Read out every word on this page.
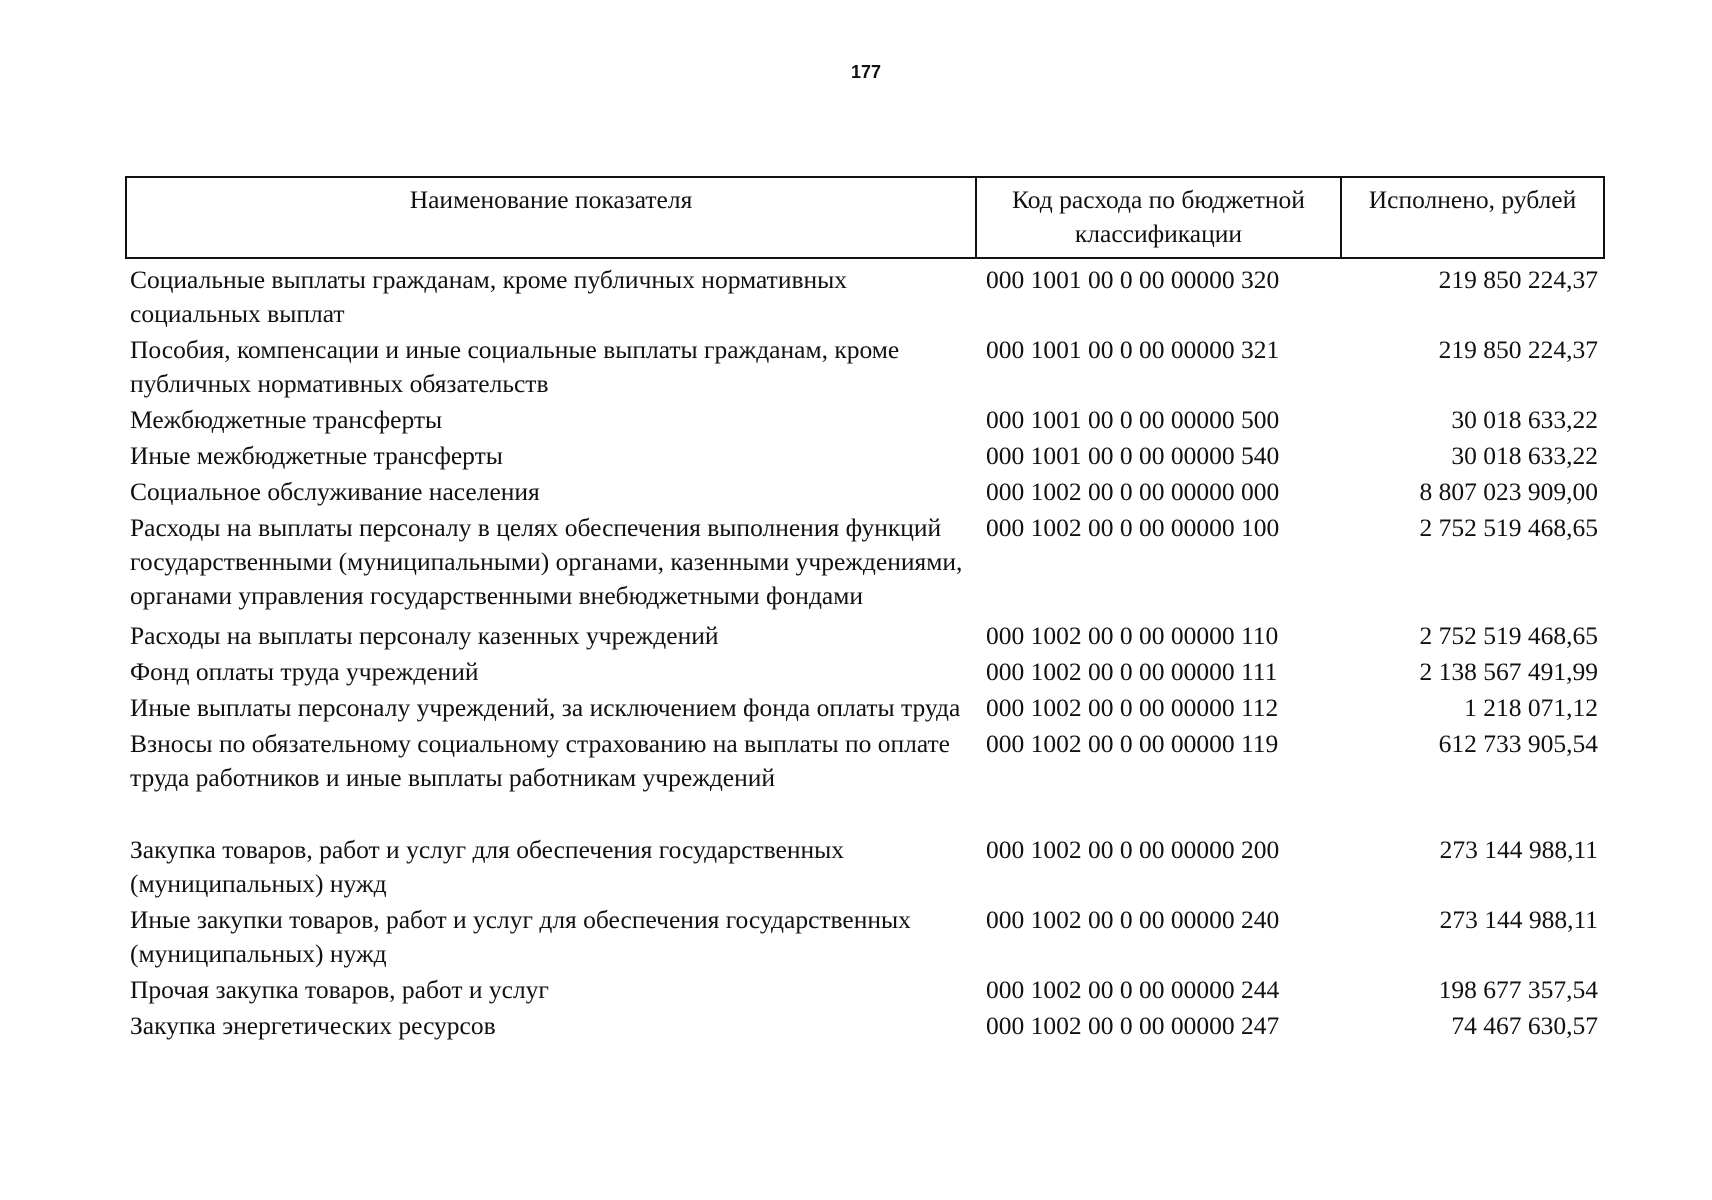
177
Наименование показателя	Код расхода по бюджетной классификации	Исполнено, рублей
Социальные выплаты гражданам, кроме публичных нормативных социальных выплат	000 1001 00 0 00 00000 320	219 850 224,37
Пособия, компенсации и иные социальные выплаты гражданам, кроме публичных нормативных обязательств	000 1001 00 0 00 00000 321	219 850 224,37
Межбюджетные трансферты	000 1001 00 0 00 00000 500	30 018 633,22
Иные межбюджетные трансферты	000 1001 00 0 00 00000 540	30 018 633,22
Социальное обслуживание населения	000 1002 00 0 00 00000 000	8 807 023 909,00
Расходы на выплаты персоналу в целях обеспечения выполнения функций государственными (муниципальными) органами, казенными учреждениями, органами управления государственными внебюджетными фондами	000 1002 00 0 00 00000 100	2 752 519 468,65
Расходы на выплаты персоналу казенных учреждений	000 1002 00 0 00 00000 110	2 752 519 468,65
Фонд оплаты труда учреждений	000 1002 00 0 00 00000 111	2 138 567 491,99
Иные выплаты персоналу учреждений, за исключением фонда оплаты труда	000 1002 00 0 00 00000 112	1 218 071,12
Взносы по обязательному социальному страхованию на выплаты по оплате труда работников и иные выплаты работникам учреждений	000 1002 00 0 00 00000 119	612 733 905,54
Закупка товаров, работ и услуг для обеспечения государственных (муниципальных) нужд	000 1002 00 0 00 00000 200	273 144 988,11
Иные закупки товаров, работ и услуг для обеспечения государственных (муниципальных) нужд	000 1002 00 0 00 00000 240	273 144 988,11
Прочая закупка товаров, работ и услуг	000 1002 00 0 00 00000 244	198 677 357,54
Закупка энергетических ресурсов	000 1002 00 0 00 00000 247	74 467 630,57
